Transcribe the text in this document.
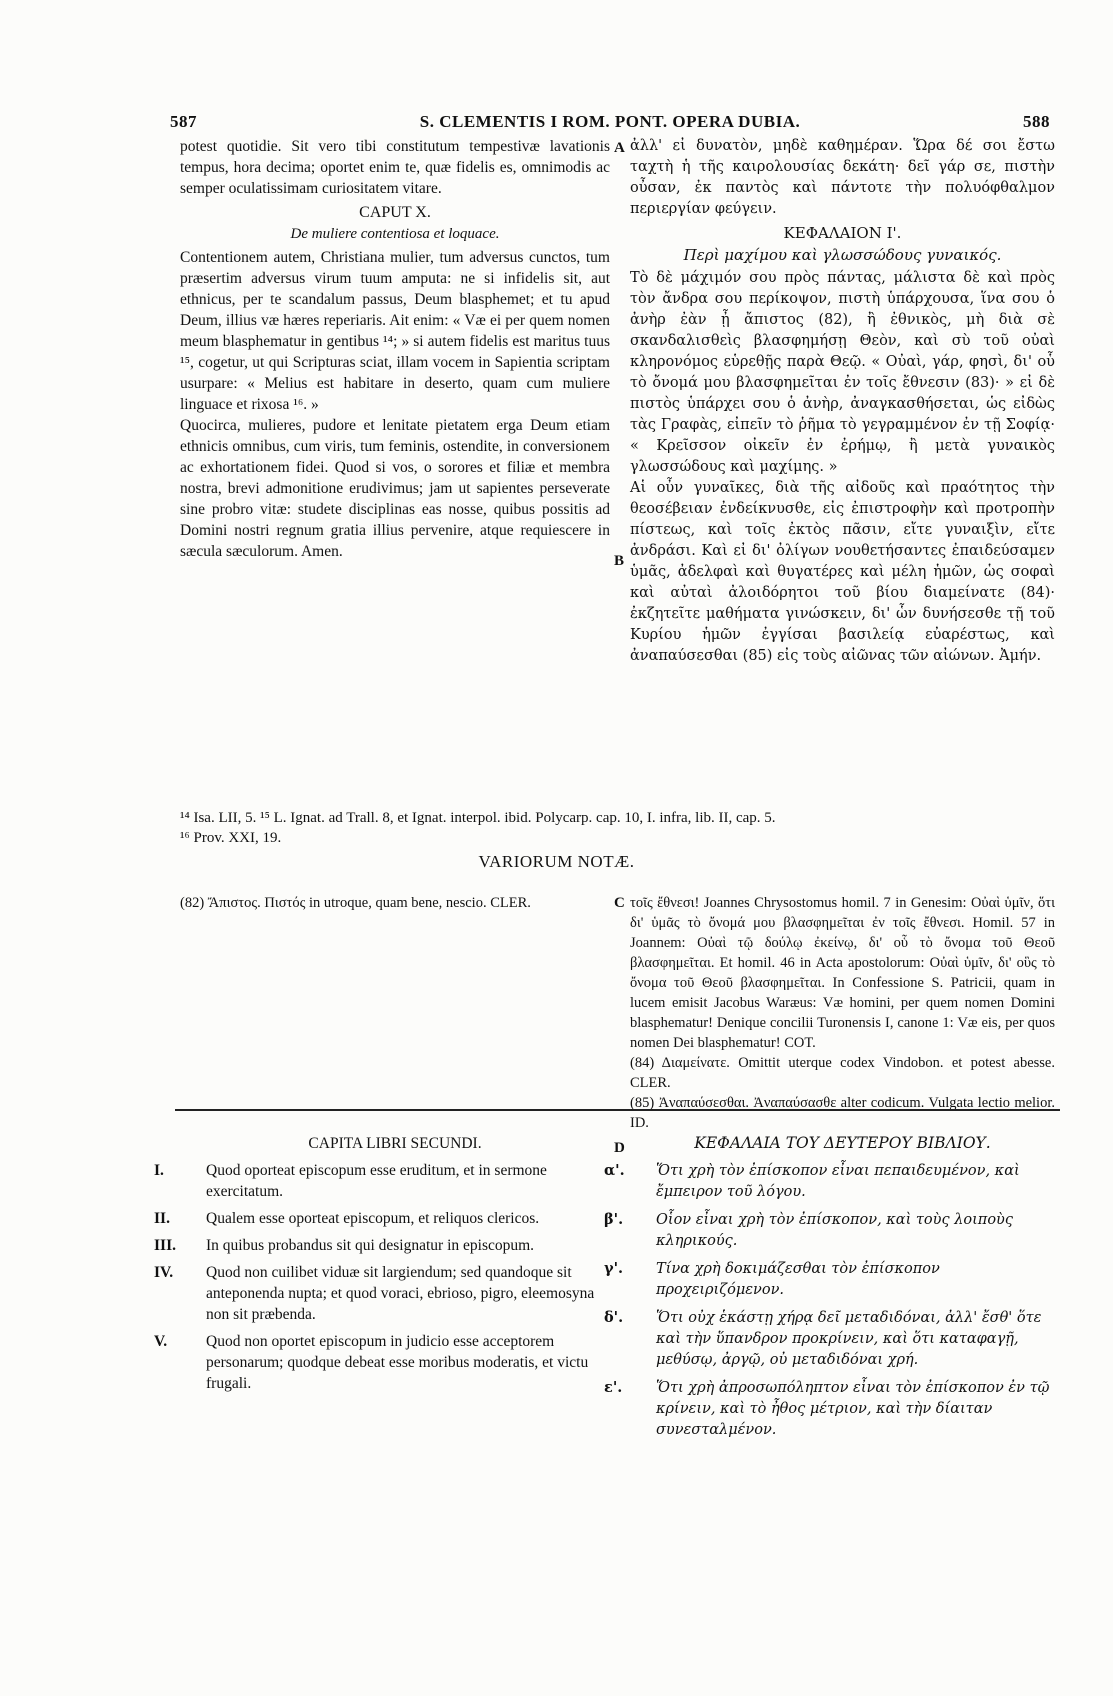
587	S. CLEMENTIS I ROM. PONT. OPERA DUBIA.	588
A
B
C
D

potest quotidie. Sit vero tibi constitutum tempestivæ lavationis tempus, hora decima; oportet enim te, quæ fidelis es, omnimodis ac semper oculatissimam curiositatem vitare.

CAPUT X.

De muliere contentiosa et loquace.

Contentionem autem, Christiana mulier, tum adversus cunctos, tum præsertim adversus virum tuum amputa: ne si infidelis sit, aut ethnicus, per te scandalum passus, Deum blasphemet; et tu apud Deum, illius væ hæres reperiaris. Ait enim: « Væ ei per quem nomen meum blasphematur in gentibus ¹⁴; » si autem fidelis est maritus tuus ¹⁵, cogetur, ut qui Scripturas sciat, illam vocem in Sapientia scriptam usurpare: « Melius est habitare in deserto, quam cum muliere linguace et rixosa ¹⁶. »

Quocirca, mulieres, pudore et lenitate pietatem erga Deum etiam ethnicis omnibus, cum viris, tum feminis, ostendite, in conversionem ac exhortationem fidei. Quod si vos, o sorores et filiæ et membra nostra, brevi admonitione erudivimus; jam ut sapientes perseverate sine probro vitæ: studete disciplinas eas nosse, quibus possitis ad Domini nostri regnum gratia illius pervenire, atque requiescere in sæcula sæculorum. Amen.

ἀλλ' εἰ δυνατὸν, μηδὲ καθημέραν. Ὥρα δέ σοι ἔστω ταχτὴ ἡ τῆς καιρολουσίας δεκάτη· δεῖ γάρ σε, πιστὴν οὖσαν, ἐκ παντὸς καὶ πάντοτε τὴν πολυόφθαλμον περιεργίαν φεύγειν.

ΚΕΦΑΛΑΙΟΝ Ι'.

Περὶ μαχίμου καὶ γλωσσώδους γυναικός.

Τὸ δὲ μάχιμόν σου πρὸς πάντας, μάλιστα δὲ καὶ πρὸς τὸν ἄνδρα σου περίκοψον, πιστὴ ὑπάρχουσα, ἵνα σου ὁ ἀνὴρ ἐὰν ᾖ ἄπιστος (82), ἢ ἐθνικὸς, μὴ διὰ σὲ σκανδαλισθεὶς βλασφημήσῃ Θεὸν, καὶ σὺ τοῦ οὐαὶ κληρονόμος εὑρεθῇς παρὰ Θεῷ. « Οὐαὶ, γάρ, φησὶ, δι' οὗ τὸ ὄνομά μου βλασφημεῖται ἐν τοῖς ἔθνεσιν (83)· » εἰ δὲ πιστὸς ὑπάρχει σου ὁ ἀνὴρ, ἀναγκασθήσεται, ὡς εἰδὼς τὰς Γραφὰς, εἰπεῖν τὸ ῥῆμα τὸ γεγραμμένον ἐν τῇ Σοφίᾳ· « Κρεῖσσον οἰκεῖν ἐν ἐρήμῳ, ἢ μετὰ γυναικὸς γλωσσώδους καὶ μαχίμης. »

Αἱ οὖν γυναῖκες, διὰ τῆς αἰδοῦς καὶ πραότητος τὴν θεοσέβειαν ἐνδείκνυσθε, εἰς ἐπιστροφὴν καὶ προτροπὴν πίστεως, καὶ τοῖς ἐκτὸς πᾶσιν, εἴτε γυναιξὶν, εἴτε ἀνδράσι. Καὶ εἰ δι' ὀλίγων νουθετήσαντες ἐπαιδεύσαμεν ὑμᾶς, ἀδελφαὶ καὶ θυγατέρες καὶ μέλη ἡμῶν, ὡς σοφαὶ καὶ αὐταὶ ἀλοιδόρητοι τοῦ βίου διαμείνατε (84)· ἐκζητεῖτε μαθήματα γινώσκειν, δι' ὧν δυνήσεσθε τῇ τοῦ Κυρίου ἡμῶν ἐγγίσαι βασιλείᾳ εὐαρέστως, καὶ ἀναπαύσεσθαι (85) εἰς τοὺς αἰῶνας τῶν αἰώνων. Ἀμήν.

¹⁴ Isa. LII, 5. ¹⁵ L. Ignat. ad Trall. 8, et Ignat. interpol. ibid. Polycarp. cap. 10, I. infra, lib. II, cap. 5.

¹⁶ Prov. XXI, 19.

VARIORUM NOTÆ.

(82) Ἄπιστος. Πιστός in utroque, quam bene, nescio. CLER.	τοῖς ἔθνεσι! Joannes Chrysostomus homil. 7 in Genesim: Οὐαὶ ὑμῖν, ὅτι δι' ὑμᾶς τὸ ὄνομά μου βλασφημεῖται ἐν τοῖς ἔθνεσι. Homil. 57 in Joannem: Οὐαὶ τῷ δούλῳ ἐκείνῳ, δι' οὗ τὸ ὄνομα τοῦ Θεοῦ βλασφημεῖται. Et homil. 46 in Acta apostolorum: Οὐαὶ ὑμῖν, δι' οὓς τὸ ὄνομα τοῦ Θεοῦ βλασφημεῖται. In Confessione S. Patricii, quam in lucem emisit Jacobus Waræus: Væ homini, per quem nomen Domini blasphematur! Denique concilii Turonensis I, canone 1: Væ eis, per quos nomen Dei blasphematur! COT.

(84) Διαμείνατε. Omittit uterque codex Vindobon. et potest abesse. CLER.

(85) Ἀναπαύσεσθαι. Ἀναπαύσασθε alter codicum. Vulgata lectio melior. ID.

CAPITA LIBRI SECUNDI.
I.	Quod oporteat episcopum esse eruditum, et in sermone exercitatum.
II. Qualem esse oporteat episcopum, et reliquos clericos.
III. In quibus probandus sit qui designatur in episcopum.
IV. Quod non cuilibet viduæ sit largiendum; sed quandoque sit anteponenda nupta; et quod voraci, ebrioso, pigro, eleemosyna non sit præbenda.
V.	Quod non oportet episcopum in judicio esse acceptorem personarum; quodque debeat esse moribus moderatis, et victu frugali.
ΚΕΦΑΛΑΙΑ ΤΟΥ ΔΕΥΤΕΡΟΥ ΒΙΒΛΙΟΥ.
α'. Ὅτι χρὴ τὸν ἐπίσκοπον εἶναι πεπαιδευμένον, καὶ ἔμπειρον τοῦ λόγου.
β'. Οἷον εἶναι χρὴ τὸν ἐπίσκοπον, καὶ τοὺς λοιποὺς κληρικούς.
γ'. Τίνα χρὴ δοκιμάζεσθαι τὸν ἐπίσκοπον προχειριζόμενον.
δ'. Ὅτι οὐχ ἑκάστῃ χήρᾳ δεῖ μεταδιδόναι, ἀλλ' ἔσθ' ὅτε καὶ τὴν ὕπανδρον προκρίνειν, καὶ ὅτι καταφαγῇ, μεθύσῳ, ἀργῷ, οὐ μεταδιδόναι χρή.
ε'. Ὅτι χρὴ ἀπροσωπόληπτον εἶναι τὸν ἐπίσκοπον ἐν τῷ κρίνειν, καὶ τὸ ἦθος μέτριον, καὶ τὴν δίαιταν συνεσταλμένον.
